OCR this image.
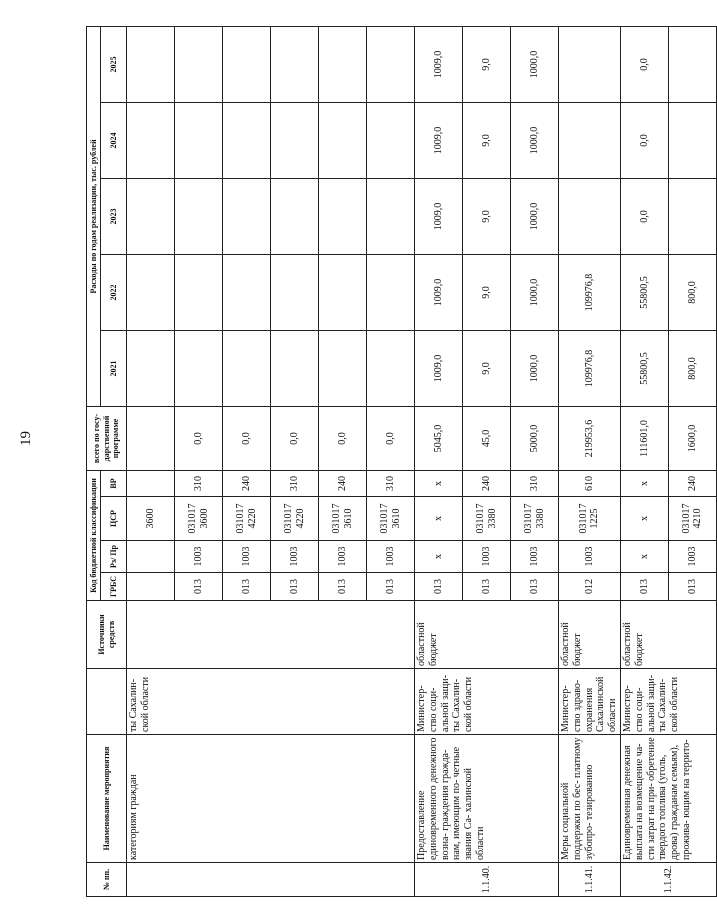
19
№ пп.	Наименование мероприятия		Источники средств	Код бюджетной классификации				всего по госу- дарственной программе	Расходы по годам реализации, тыс. рублей				
				ГРБС	Рз/ Пр	ЦСР	ВР		2021	2022	2023	2024	2025
	категориям граждан	ты Сахалин- ской области				3600							
				013	1003	031017 3600	310	0,0					
				013	1003	031017 4220	240	0,0					
				013	1003	031017 4220	310	0,0					
				013	1003	031017 3610	240	0,0					
				013	1003	031017 3610	310	0,0					
1.1.40.	Предоставление единовременного денежного возна- граждения гражда- нам, имеющим по- четные звания Са- халинской области	Министер- ство соци- альной защи- ты Сахалин- ской области	областной бюджет	013	х	х	х	5045,0	1009,0	1009,0	1009,0	1009,0	1009,0
				013	1003	031017 3380	240	45,0	9,0	9,0	9,0	9,0	9,0
				013	1003	031017 3380	310	5000,0	1000,0	1000,0	1000,0	1000,0	1000,0
1.1.41.	Меры социальной поддержки по бес- платному зубопро- тезированию	Министер- ство здраво- охранения Сахалинской области	областной бюджет	012	1003	031017 1225	610	219953,6	109976,8	109976,8			
1.1.42.	Единовременная денежная выплата на возмещение ча- сти затрат на при- обретение твердого топлива (уголь, дрова) гражданам семьям), прожива- ющим на террито-	Министер- ство соци- альной защи- ты Сахалин- ской области	областной бюджет	013	х	х	х	111601,0	55800,5	55800,5	0,0	0,0	0,0
				013	1003	031017 4210	240	1600,0	800,0	800,0			
